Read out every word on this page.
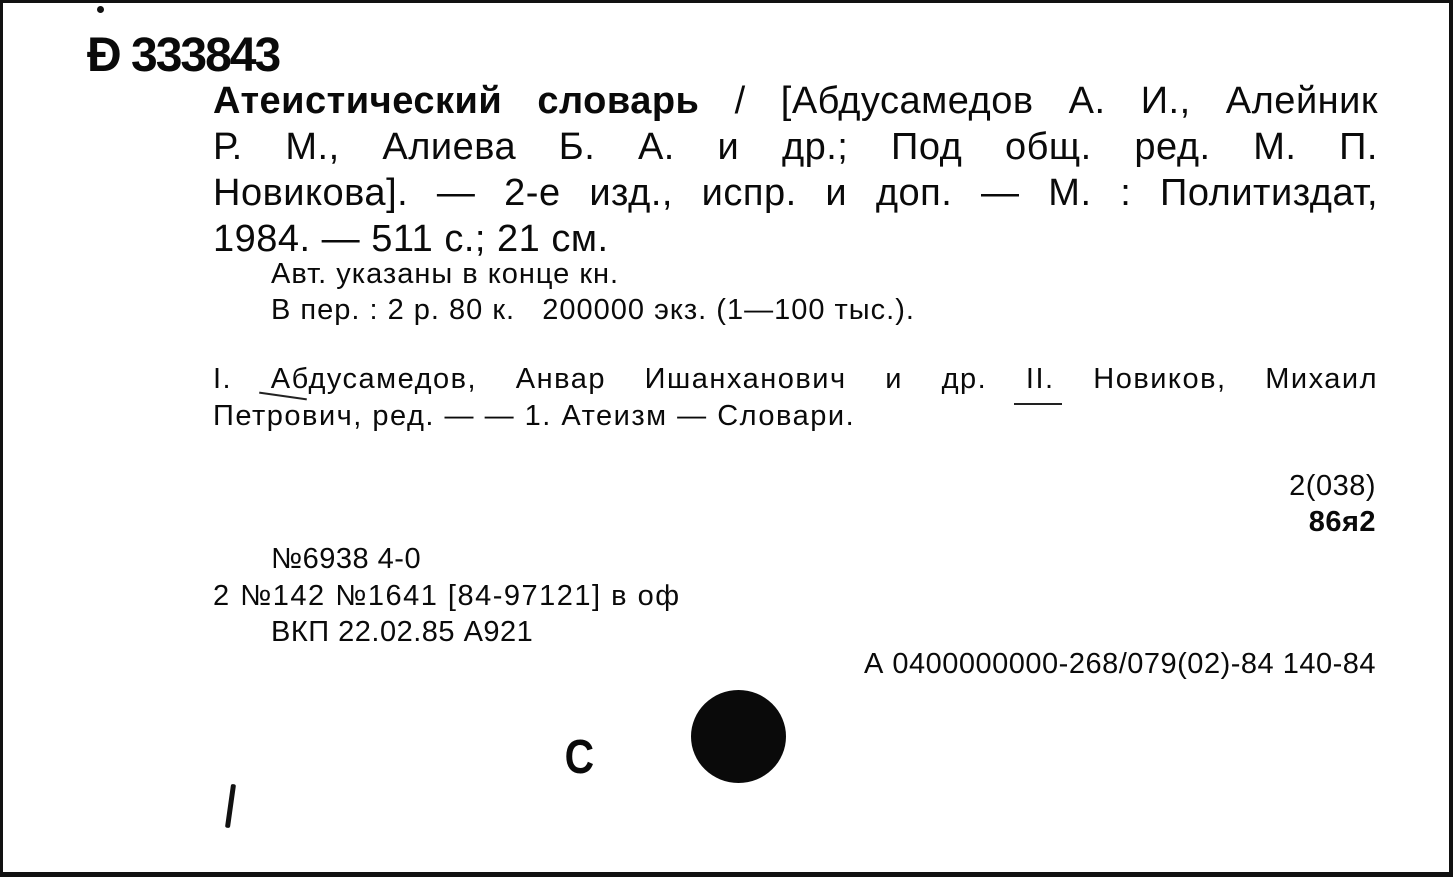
Ɖ 333843
Атеистический словарь / [Абдусамедов А. И., Алейник
Р. М., Алиева Б. А. и др.; Под общ. ред. М. П.
Новикова]. — 2-е изд., испр. и доп. — М. : Политиздат,
1984. — 511 с.; 21 см.
Авт. указаны в конце кн.
В пер. : 2 р. 80 к.   200000 экз. (1—100 тыс.).
I. Абдусамедов, Анвар Ишанханович и др. II. Новиков, Михаил
Петрович, ред. — — 1. Атеизм — Словари.
2(038)
86я2
№6938 4-0
2 №142 №1641 [84-97121] в оф
ВКП 22.02.85 А921
А 0400000000-268/079(02)-84 140-84
С
